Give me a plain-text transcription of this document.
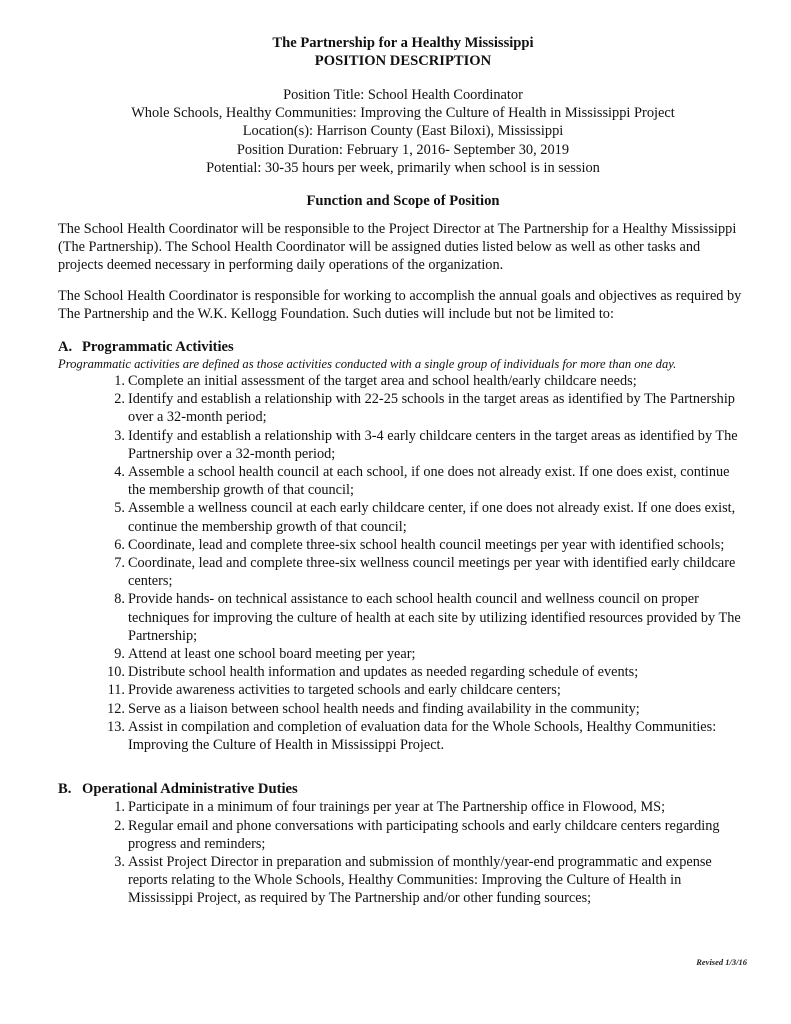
The Partnership for a Healthy Mississippi
POSITION DESCRIPTION
Position Title: School Health Coordinator
Whole Schools, Healthy Communities: Improving the Culture of Health in Mississippi Project
Location(s): Harrison County (East Biloxi), Mississippi
Position Duration: February 1, 2016- September 30, 2019
Potential: 30-35 hours per week, primarily when school is in session
Function and Scope of Position

The School Health Coordinator will be responsible to the Project Director at The Partnership for a Healthy Mississippi (The Partnership). The School Health Coordinator will be assigned duties listed below as well as other tasks and projects deemed necessary in performing daily operations of the organization.

The School Health Coordinator is responsible for working to accomplish the annual goals and objectives as required by The Partnership and the W.K. Kellogg Foundation. Such duties will include but not be limited to:

A. Programmatic Activities
Programmatic activities are defined as those activities conducted with a single group of individuals for more than one day.
1. Complete an initial assessment of the target area and school health/early childcare needs;
2. Identify and establish a relationship with 22-25 schools in the target areas as identified by The Partnership over a 32-month period;
3. Identify and establish a relationship with 3-4 early childcare centers in the target areas as identified by The Partnership over a 32-month period;
4. Assemble a school health council at each school, if one does not already exist. If one does exist, continue the membership growth of that council;
5. Assemble a wellness council at each early childcare center, if one does not already exist. If one does exist, continue the membership growth of that council;
6. Coordinate, lead and complete three-six school health council meetings per year with identified schools;
7. Coordinate, lead and complete three-six wellness council meetings per year with identified early childcare centers;
8. Provide hands- on technical assistance to each school health council and wellness council on proper techniques for improving the culture of health at each site by utilizing identified resources provided by The Partnership;
9. Attend at least one school board meeting per year;
10. Distribute school health information and updates as needed regarding schedule of events;
11. Provide awareness activities to targeted schools and early childcare centers;
12. Serve as a liaison between school health needs and finding availability in the community;
13. Assist in compilation and completion of evaluation data for the Whole Schools, Healthy Communities: Improving the Culture of Health in Mississippi Project.
B. Operational Administrative Duties
1. Participate in a minimum of four trainings per year at The Partnership office in Flowood, MS;
2. Regular email and phone conversations with participating schools and early childcare centers regarding progress and reminders;
3. Assist Project Director in preparation and submission of monthly/year-end programmatic and expense reports relating to the Whole Schools, Healthy Communities: Improving the Culture of Health in Mississippi Project, as required by The Partnership and/or other funding sources;
Revised 1/3/16
